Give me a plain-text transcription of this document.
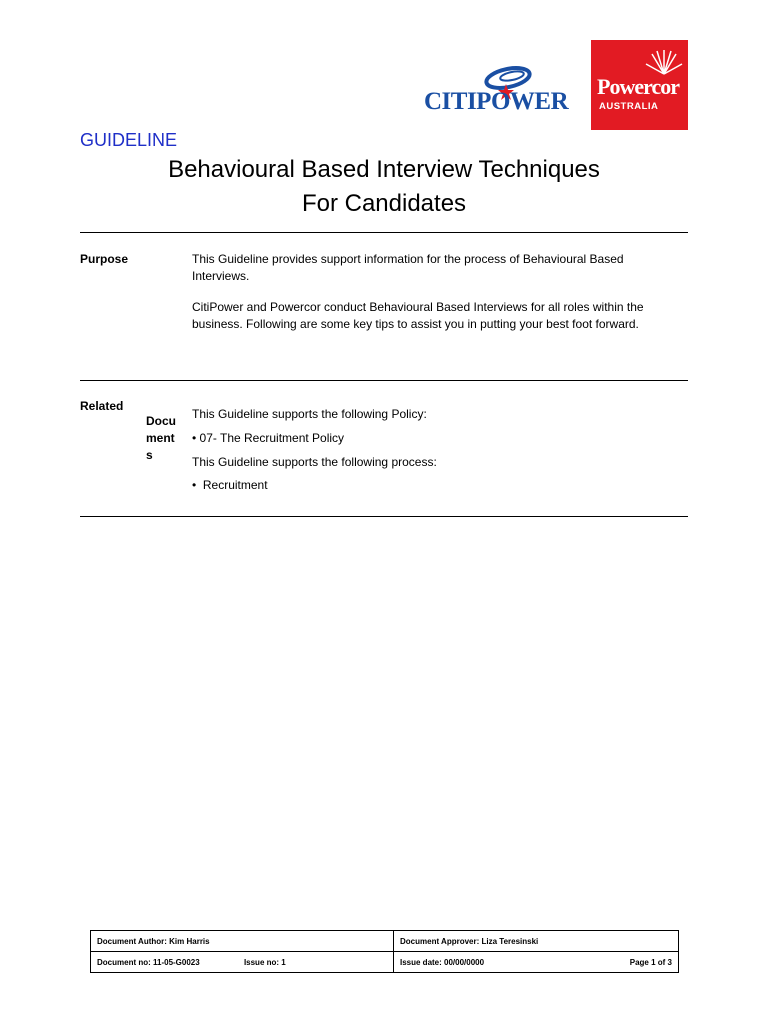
CITIPOWER
Powercor
AUSTRALIA
GUIDELINE
Behavioural Based Interview Techniques
For Candidates
Purpose	This Guideline provides support information for the process of Behavioural Based Interviews.
CitiPower and Powercor conduct Behavioural Based Interviews for all roles within the business. Following are some key tips to assist you in putting your best foot forward.
Related
Documents
This Guideline supports the following Policy:
• 07- The Recruitment Policy
This Guideline supports the following process:
•  Recruitment
Document Author: Kim Harris	Document Approver: Liza Teresinski
Document no: 11-05-G0023 Issue no: 1	Issue date: 00/00/0000 Page 1 of 3
